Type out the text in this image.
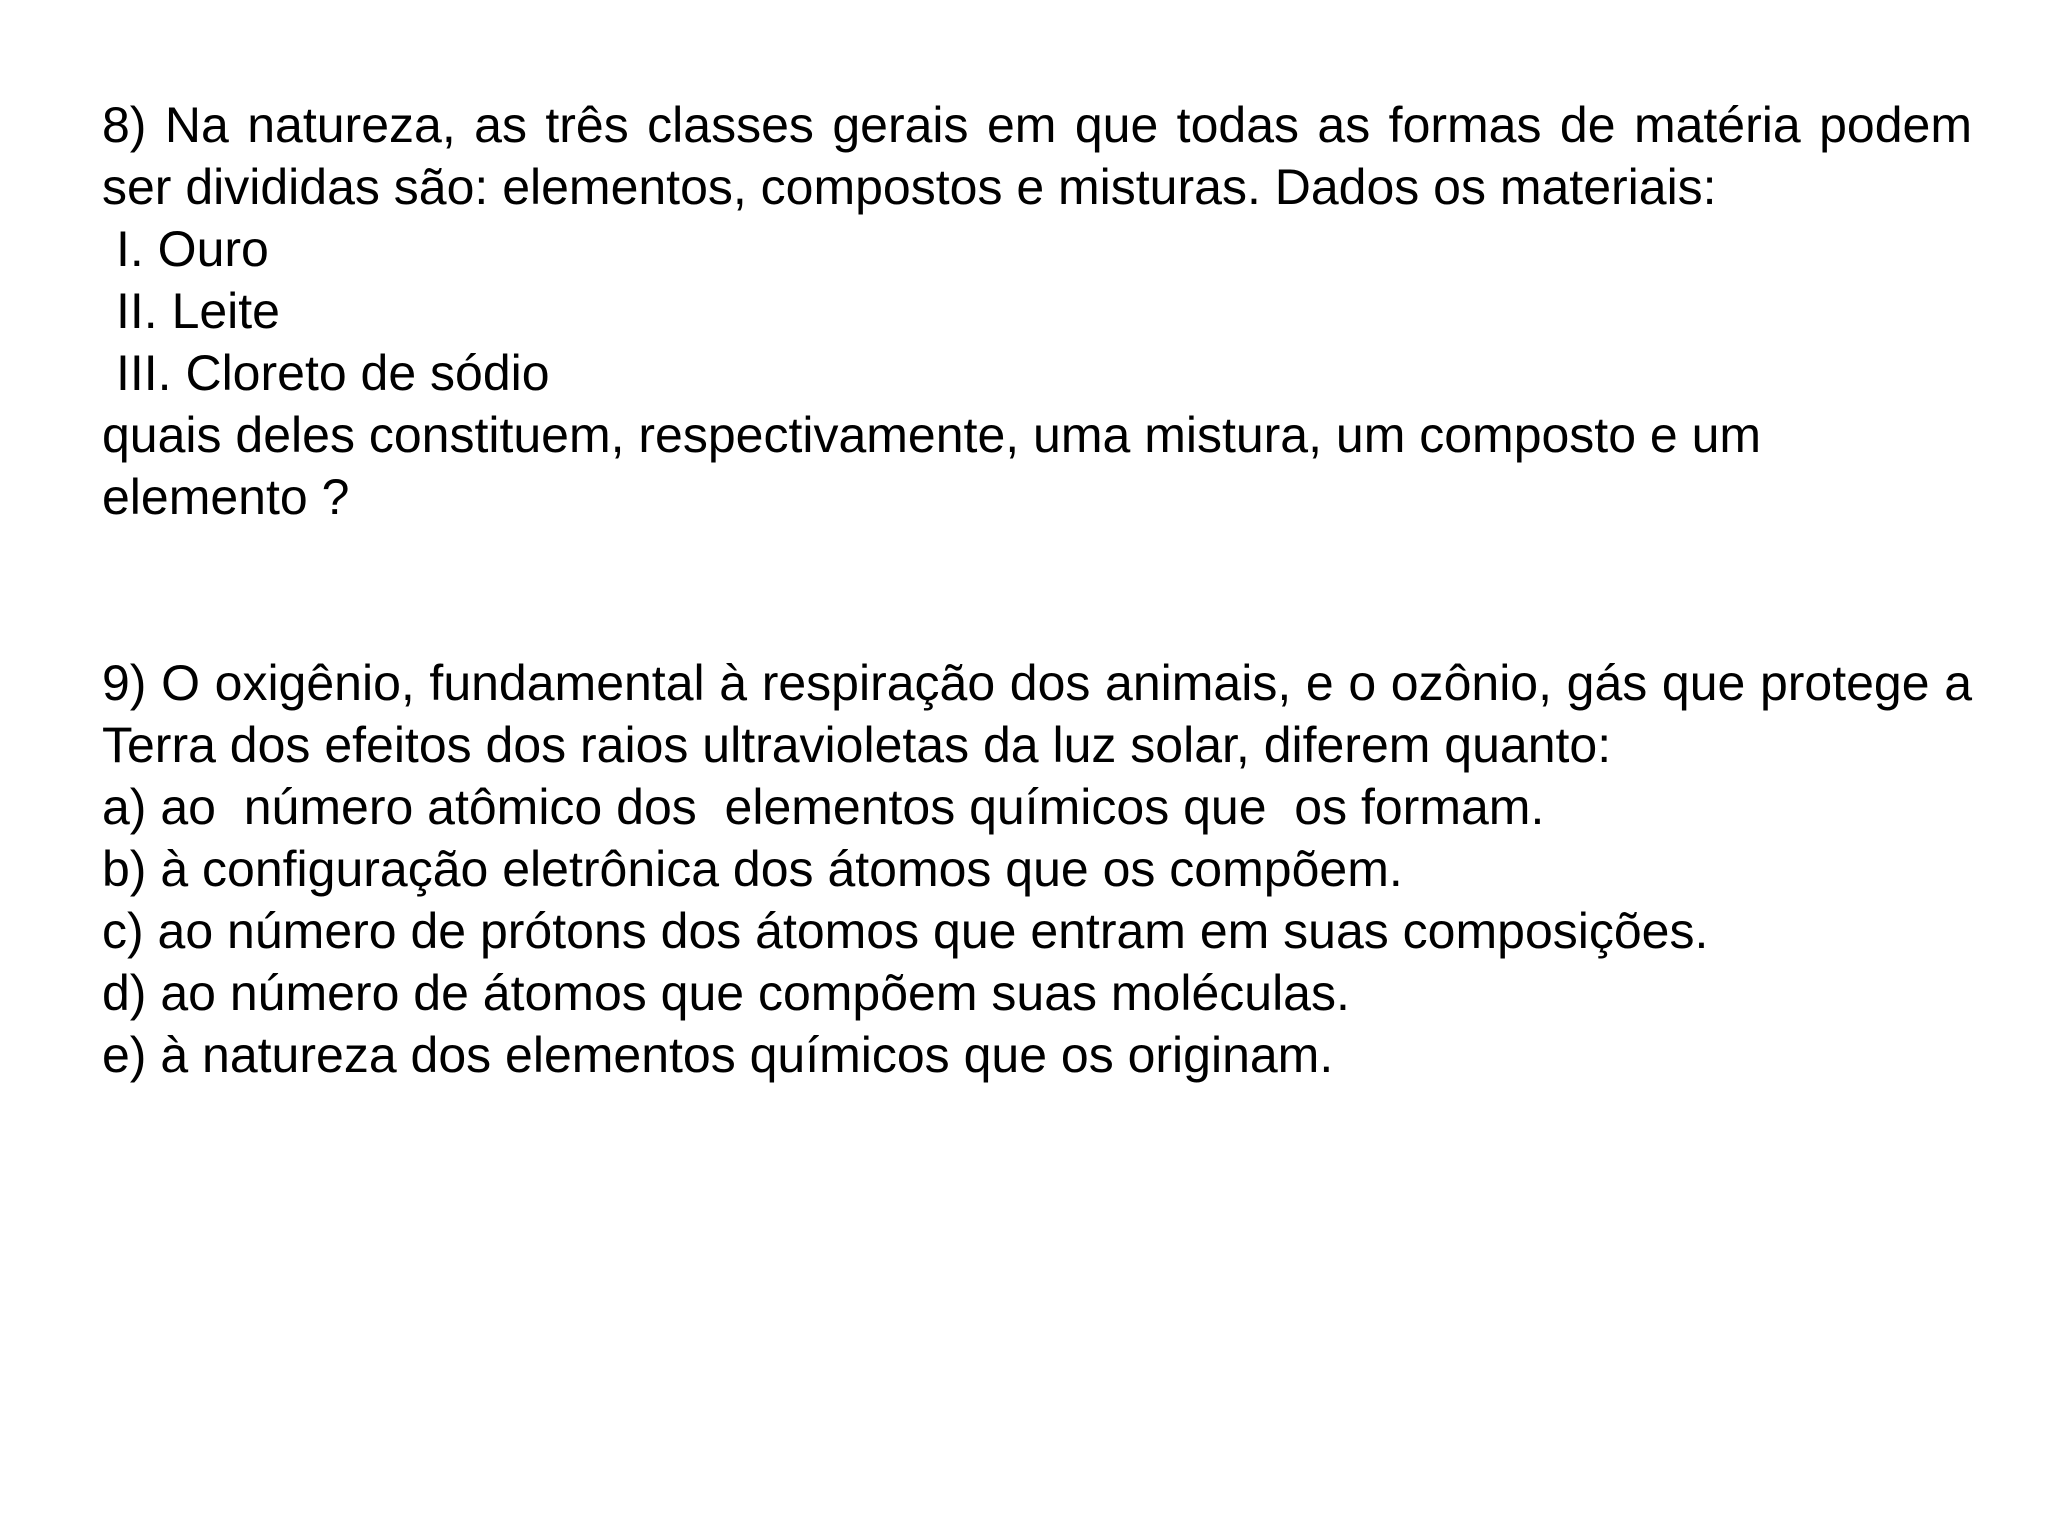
8) Na natureza, as três classes gerais em que todas as formas de matéria podem ser divididas são: elementos, compostos e misturas. Dados os materiais:

I. Ouro
II. Leite
III. Cloreto de sódio

quais deles constituem, respectivamente, uma mistura, um composto e um elemento ?

9) O oxigênio, fundamental à respiração dos animais, e o ozônio, gás que protege a Terra dos efeitos dos raios ultravioletas da luz solar, diferem quanto:

a) ao  número atômico dos  elementos químicos que  os formam.
b) à configuração eletrônica dos átomos que os compõem.
c) ao número de prótons dos átomos que entram em suas composições.
d) ao número de átomos que compõem suas moléculas.
e) à natureza dos elementos químicos que os originam.
